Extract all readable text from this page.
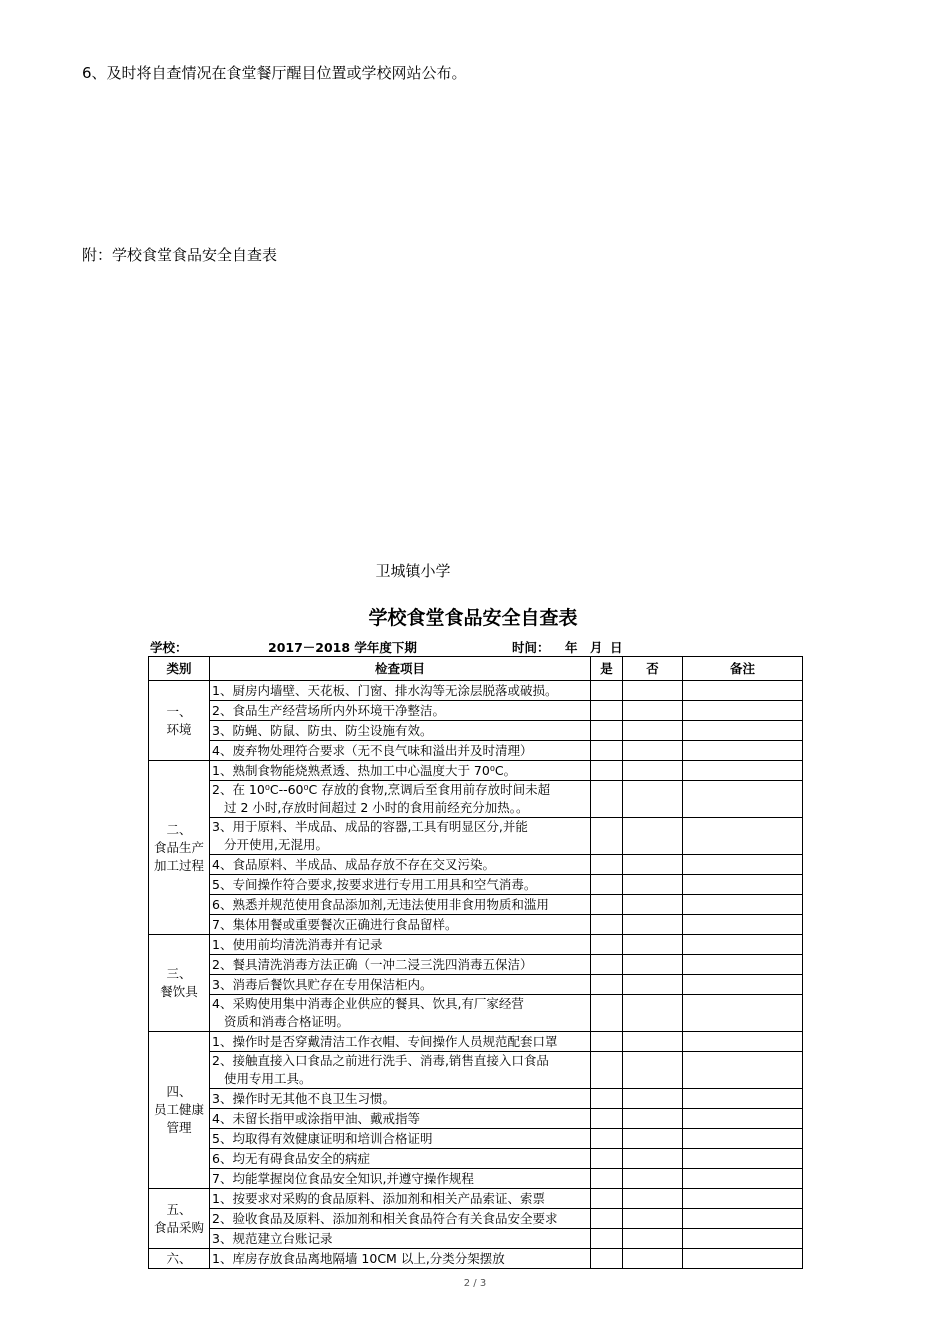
6、及时将自查情况在食堂餐厅醒目位置或学校网站公布。

附：学校食堂食品安全自查表

卫城镇小学
学校食堂食品安全自查表
学校：	2017－2018 学年度下期	时间： 年 月 日
类别	检查项目	是	否	备注

一、
环境	1、厨房内墙壁、天花板、门窗、排水沟等无涂层脱落或破损。			

	2、食品生产经营场所内外环境干净整洁。			

	3、防蝇、防鼠、防虫、防尘设施有效。			

	4、废弃物处理符合要求（无不良气味和溢出并及时清理）			

二、
食品生产
加工过程	1、熟制食物能烧熟煮透、热加工中心温度大于 70⁰C。			

	2、在 10⁰C--60⁰C 存放的食物,烹调后至食用前存放时间未超
过 2 小时,存放时间超过 2 小时的食用前经充分加热。。			

	3、用于原料、半成品、成品的容器,工具有明显区分,并能
分开使用,无混用。			

	4、食品原料、半成品、成品存放不存在交叉污染。			

	5、专间操作符合要求,按要求进行专用工用具和空气消毒。			

	6、熟悉并规范使用食品添加剂,无违法使用非食用物质和滥用			

	7、集体用餐或重要餐次正确进行食品留样。			

三、
餐饮具	1、使用前均清洗消毒并有记录			

	2、餐具清洗消毒方法正确（一冲二浸三洗四消毒五保洁）			

	3、消毒后餐饮具贮存在专用保洁柜内。			

	4、采购使用集中消毒企业供应的餐具、饮具,有厂家经营
资质和消毒合格证明。			

四、
员工健康
管理	1、操作时是否穿戴清洁工作衣帽、专间操作人员规范配套口罩			

	2、接触直接入口食品之前进行洗手、消毒,销售直接入口食品
使用专用工具。			

	3、操作时无其他不良卫生习惯。			

	4、未留长指甲或涂指甲油、戴戒指等			

	5、均取得有效健康证明和培训合格证明			

	6、均无有碍食品安全的病症			

	7、均能掌握岗位食品安全知识,并遵守操作规程			

五、
食品采购	1、按要求对采购的食品原料、添加剂和相关产品索证、索票			

	2、验收食品及原料、添加剂和相关食品符合有关食品安全要求			

	3、规范建立台账记录			

六、	1、库房存放食品离地隔墙 10CM 以上,分类分架摆放			

2 / 3
